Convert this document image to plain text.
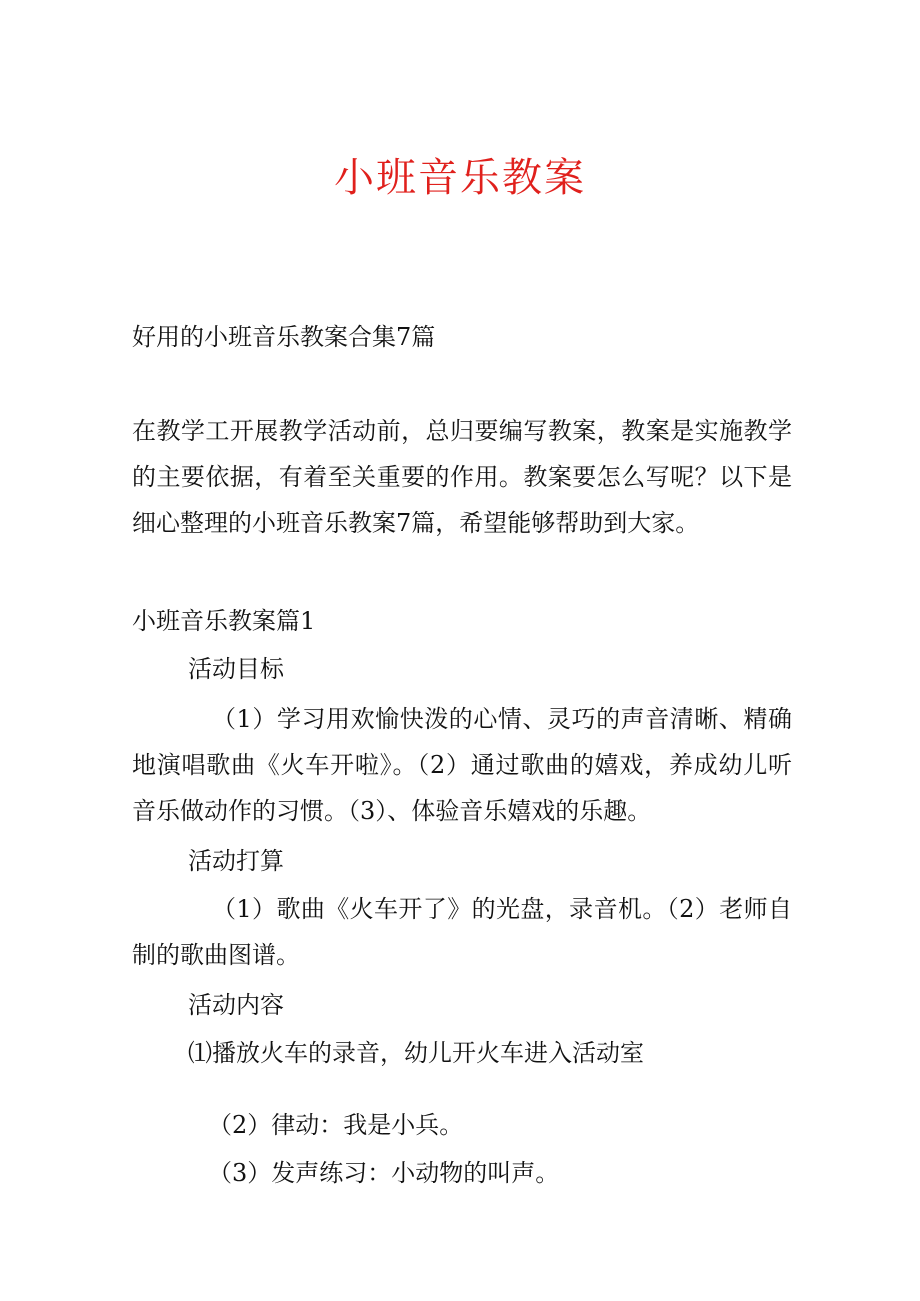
小班音乐教案

好用的小班音乐教案合集7篇

在教学工开展教学活动前，总归要编写教案，教案是实施教学的主要依据，有着至关重要的作用。教案要怎么写呢？以下是细心整理的小班音乐教案7篇，希望能够帮助到大家。

小班音乐教案篇1

活动目标

（1）学习用欢愉快泼的心情、灵巧的声音清晰、精确地演唱歌曲《火车开啦》。（2）通过歌曲的嬉戏，养成幼儿听音乐做动作的习惯。（3）、体验音乐嬉戏的乐趣。

活动打算

（1）歌曲《火车开了》的光盘，录音机。（2）老师自制的歌曲图谱。

活动内容

⑴播放火车的录音，幼儿开火车进入活动室

（2）律动：我是小兵。

（3）发声练习：小动物的叫声。
